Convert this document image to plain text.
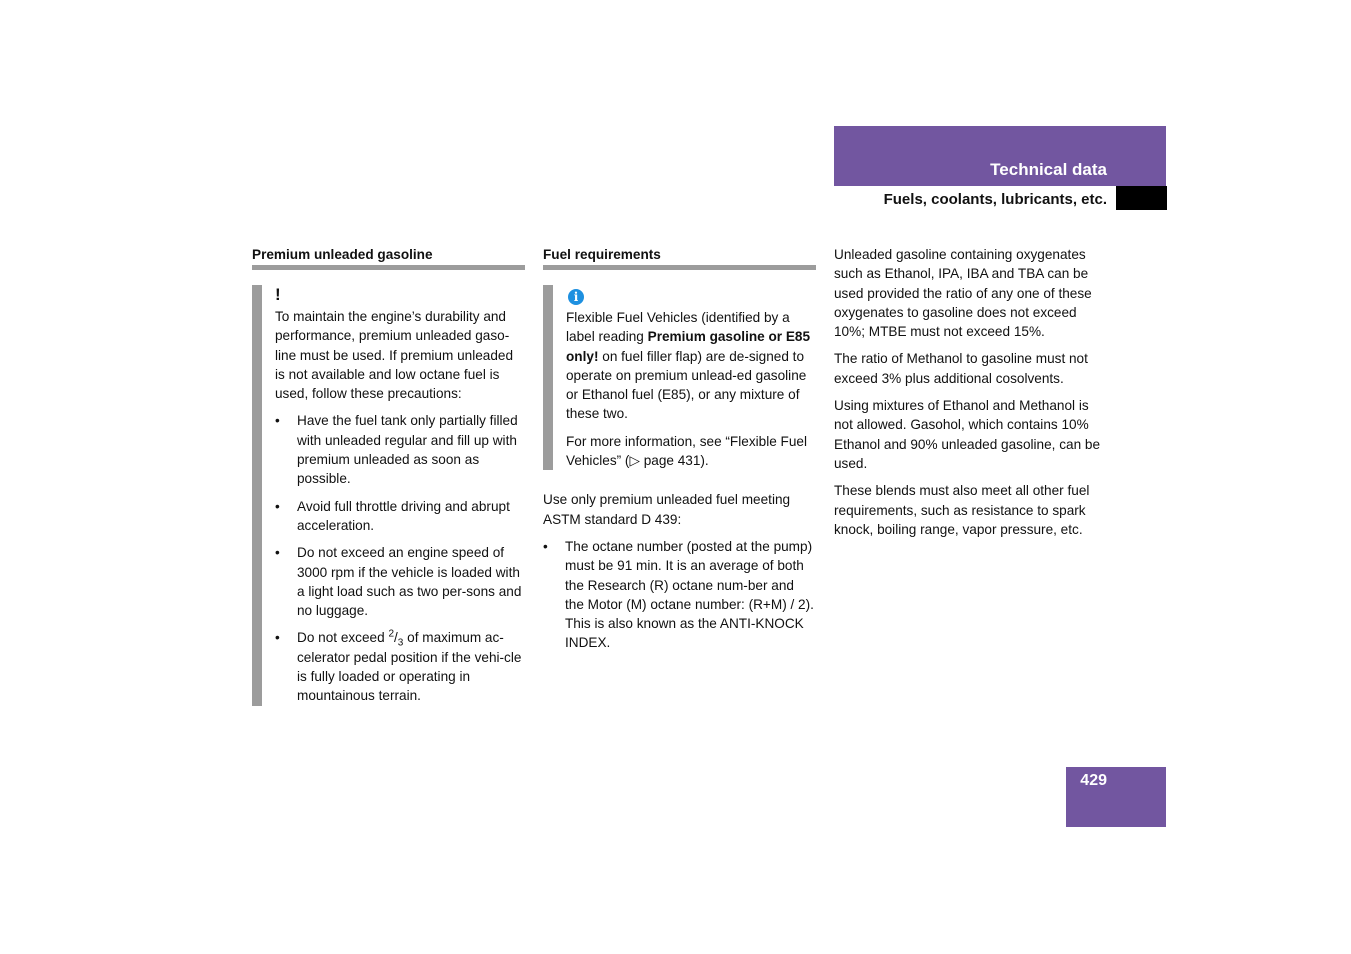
Technical data
Fuels, coolants, lubricants, etc.
Premium unleaded gasoline
!

To maintain the engine’s durability and performance, premium unleaded gaso-line must be used. If premium unleaded is not available and low octane fuel is used, follow these precautions:

• Have the fuel tank only partially filled with unleaded regular and fill up with premium unleaded as soon as possible.
• Avoid full throttle driving and abrupt acceleration.
• Do not exceed an engine speed of 3000 rpm if the vehicle is loaded with a light load such as two per-sons and no luggage.
• Do not exceed $^2/_3$ of maximum ac-celerator pedal position if the vehi-cle is fully loaded or operating in mountainous terrain.
Fuel requirements
i

Flexible Fuel Vehicles (identified by a label reading Premium gasoline or E85 only! on fuel filler flap) are de-signed to operate on premium unlead-ed gasoline or Ethanol fuel (E85), or any mixture of these two.

For more information, see “Flexible Fuel Vehicles” (▷ page 431).

Use only premium unleaded fuel meeting ASTM standard D 439:

• The octane number (posted at the pump) must be 91 min. It is an average of both the Research (R) octane num-ber and the Motor (M) octane number: (R+M) / 2). This is also known as the ANTI-KNOCK INDEX.

Unleaded gasoline containing oxygenates such as Ethanol, IPA, IBA and TBA can be used provided the ratio of any one of these oxygenates to gasoline does not exceed 10%; MTBE must not exceed 15%.

The ratio of Methanol to gasoline must not exceed 3% plus additional cosolvents.

Using mixtures of Ethanol and Methanol is not allowed. Gasohol, which contains 10% Ethanol and 90% unleaded gasoline, can be used.

These blends must also meet all other fuel requirements, such as resistance to spark knock, boiling range, vapor pressure, etc.

429
